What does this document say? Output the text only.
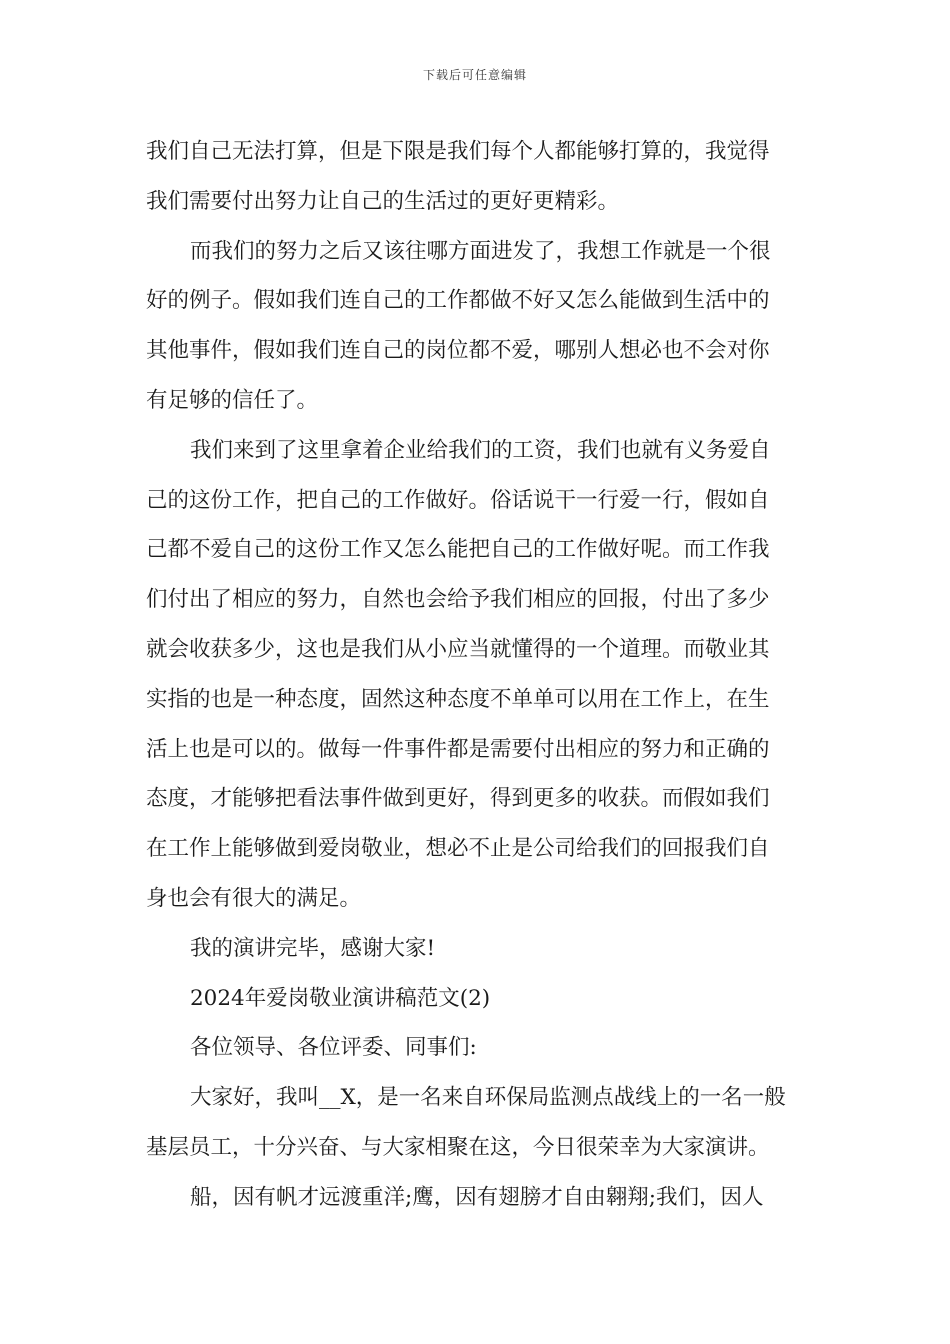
下载后可任意编辑
我们自己无法打算，但是下限是我们每个人都能够打算的，我觉得
我们需要付出努力让自己的生活过的更好更精彩。
而我们的努力之后又该往哪方面进发了，我想工作就是一个很
好的例子。假如我们连自己的工作都做不好又怎么能做到生活中的
其他事件，假如我们连自己的岗位都不爱，哪别人想必也不会对你
有足够的信任了。
我们来到了这里拿着企业给我们的工资，我们也就有义务爱自
己的这份工作，把自己的工作做好。俗话说干一行爱一行，假如自
己都不爱自己的这份工作又怎么能把自己的工作做好呢。而工作我
们付出了相应的努力，自然也会给予我们相应的回报，付出了多少
就会收获多少，这也是我们从小应当就懂得的一个道理。而敬业其
实指的也是一种态度，固然这种态度不单单可以用在工作上，在生
活上也是可以的。做每一件事件都是需要付出相应的努力和正确的
态度，才能够把看法事件做到更好，得到更多的收获。而假如我们
在工作上能够做到爱岗敬业，想必不止是公司给我们的回报我们自
身也会有很大的满足。
我的演讲完毕，感谢大家!
2024年爱岗敬业演讲稿范文(2)
各位领导、各位评委、同事们:
大家好，我叫__X，是一名来自环保局监测点战线上的一名一般
基层员工，十分兴奋、与大家相聚在这，今日很荣幸为大家演讲。
船，因有帆才远渡重洋;鹰，因有翅膀才自由翱翔;我们，因人
